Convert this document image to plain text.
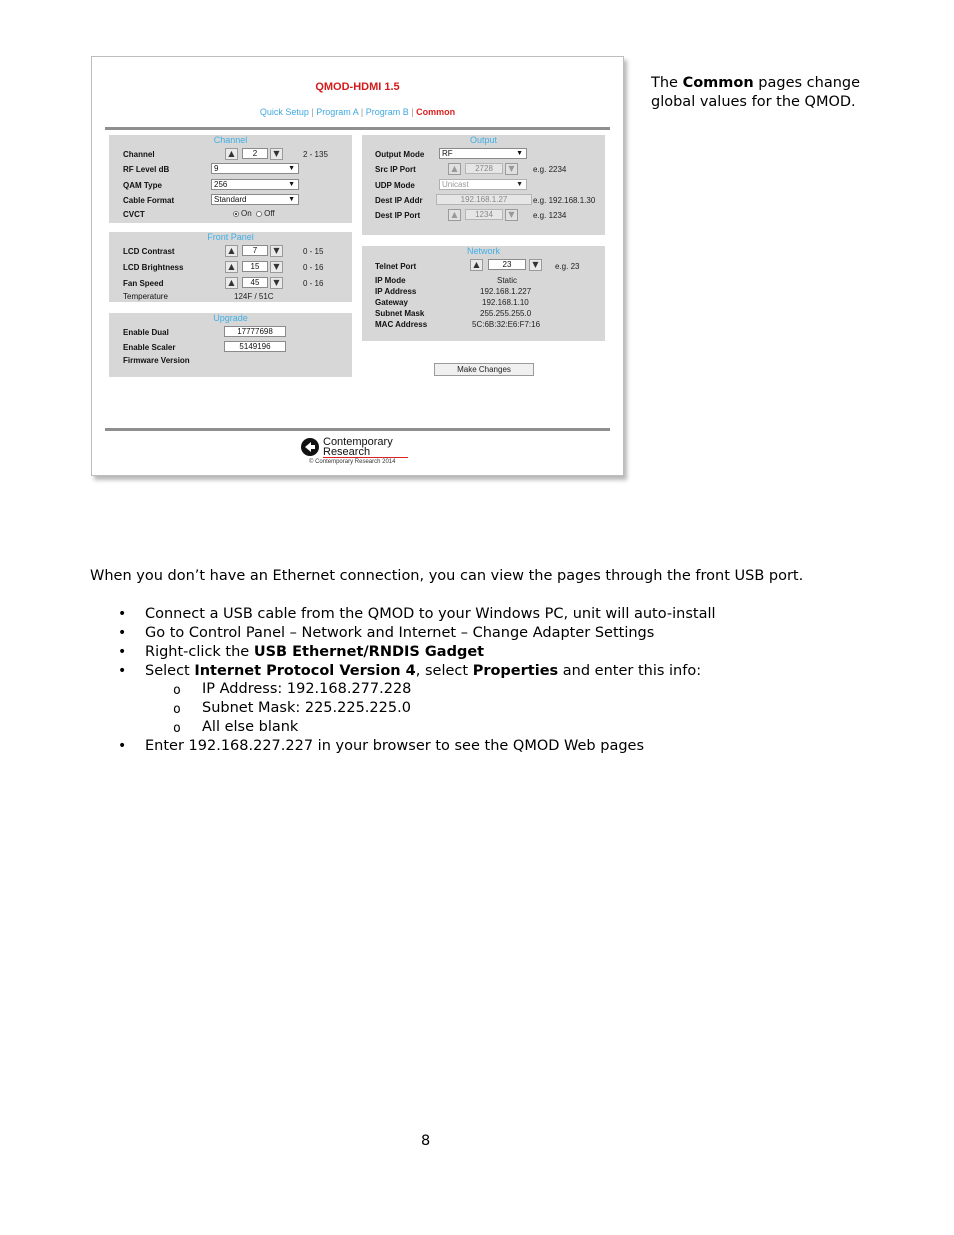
QMOD-HDMI 1.5
Quick Setup | Program A | Program B | Common
Channel
Channel	▲	2	▼	2 - 135
RF Level dB	9	▼
QAM Type	256	▼
Cable Format	Standard	▼
CVCT	On Off
Front Panel
LCD Contrast	▲	7	▼	0 - 15
LCD Brightness	▲	15	▼	0 - 16
Fan Speed	▲	45	▼	0 - 16
Temperature	124F / 51C
Upgrade
Enable Dual	17777698
Enable Scaler	5149196
Firmware Version
Output
Output Mode	RF	▼
Src IP Port	▲	2728	▼	e.g. 2234
UDP Mode	Unicast	▼
Dest IP Addr	192.168.1.27	e.g. 192.168.1.30
Dest IP Port	▲	1234	▼	e.g. 1234
Network
Telnet Port	▲	23	▼	e.g. 23
IP Mode	Static
IP Address	192.168.1.227
Gateway	192.168.1.10
Subnet Mask	255.255.255.0
MAC Address	5C:6B:32:E6:F7:16
Make Changes
Contemporary
Research
© Contemporary Research 2014
The Common pages change
global values for the QMOD.
When you don’t have an Ethernet connection, you can view the pages through the front USB port.
• Connect a USB cable from the QMOD to your Windows PC, unit will auto-install
• Go to Control Panel – Network and Internet – Change Adapter Settings
• Right-click the USB Ethernet/RNDIS Gadget
• Select Internet Protocol Version 4, select Properties and enter this info:
o IP Address: 192.168.277.228
o Subnet Mask: 225.225.225.0
o All else blank
• Enter 192.168.227.227 in your browser to see the QMOD Web pages
8
